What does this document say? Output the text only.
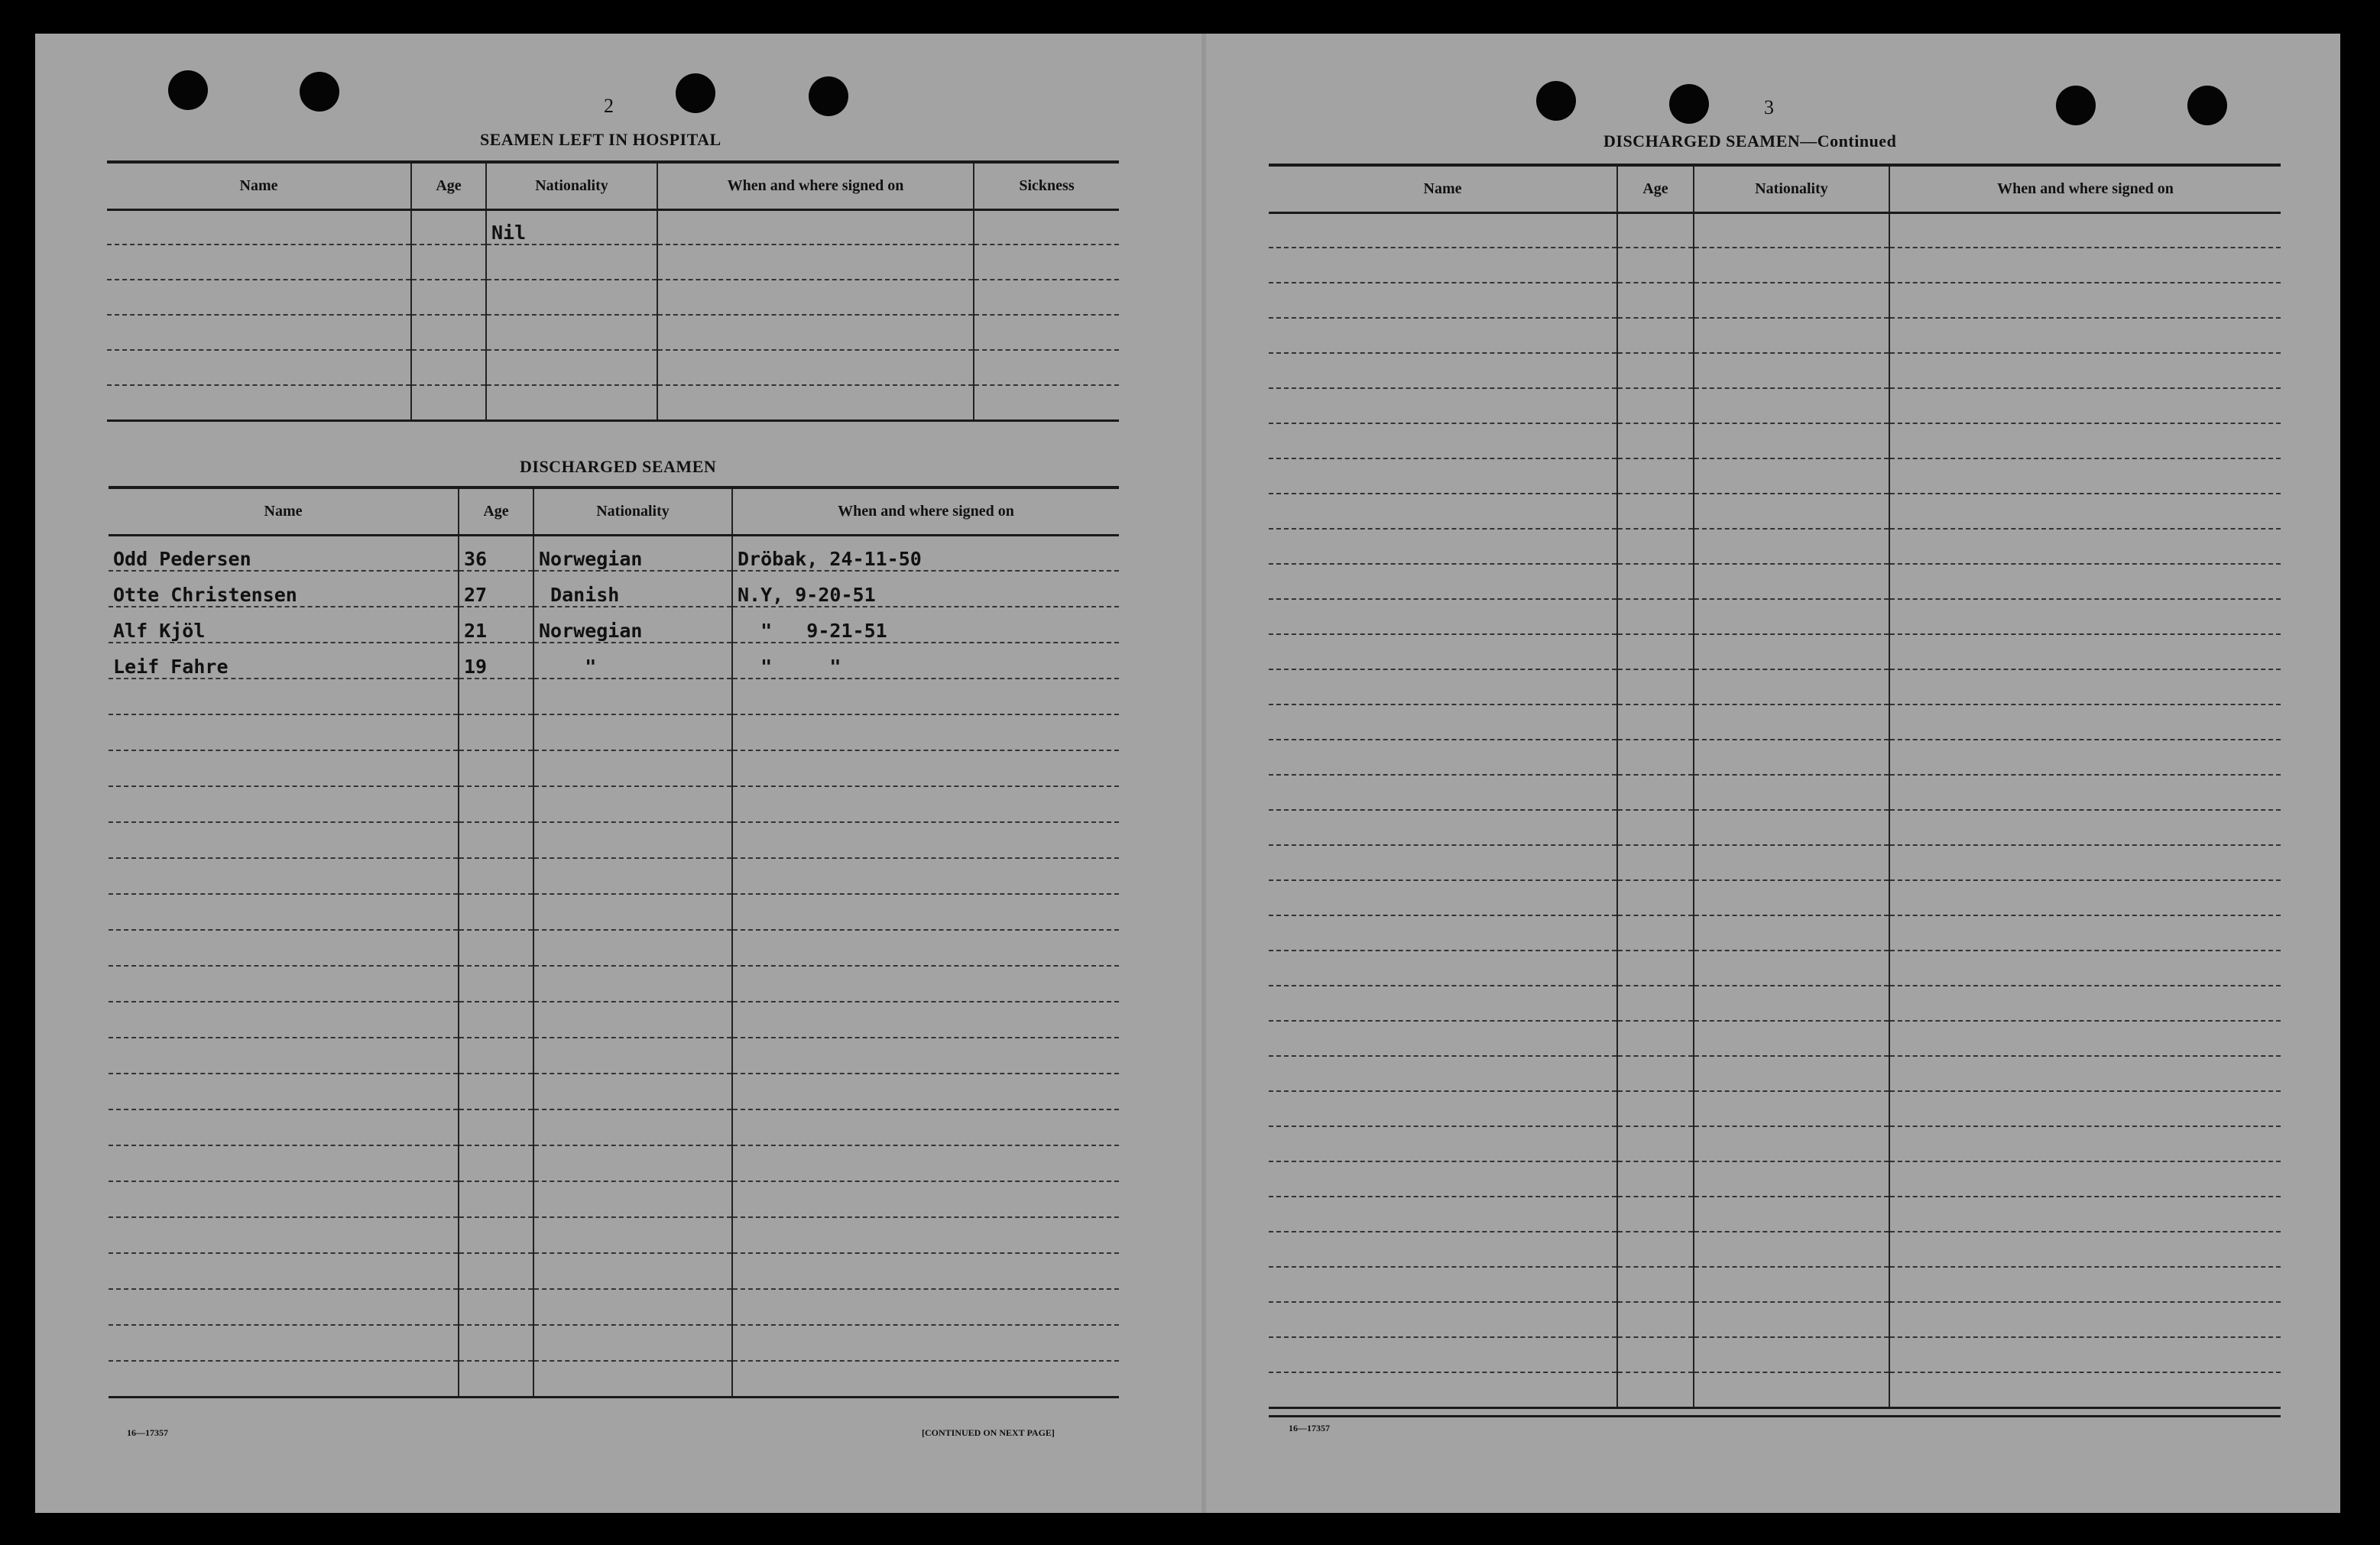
2
SEAMEN LEFT IN HOSPITAL
Name	Age	Nationality	When and where signed on	Sickness
		Nil		

DISCHARGED SEAMEN
Name	Age	Nationality	When and where signed on
Odd Pedersen	36	Norwegian	Dröbak, 24-11-50
Otte Christensen	27	Danish	N.Y, 9-20-51
Alf Kjöl	21	Norwegian	"   9-21-51
Leif Fahre	19	"	"     "

16—17357	[CONTINUED ON NEXT PAGE]
3
DISCHARGED SEAMEN—Continued
Name	Age	Nationality	When and where signed on

16—17357
